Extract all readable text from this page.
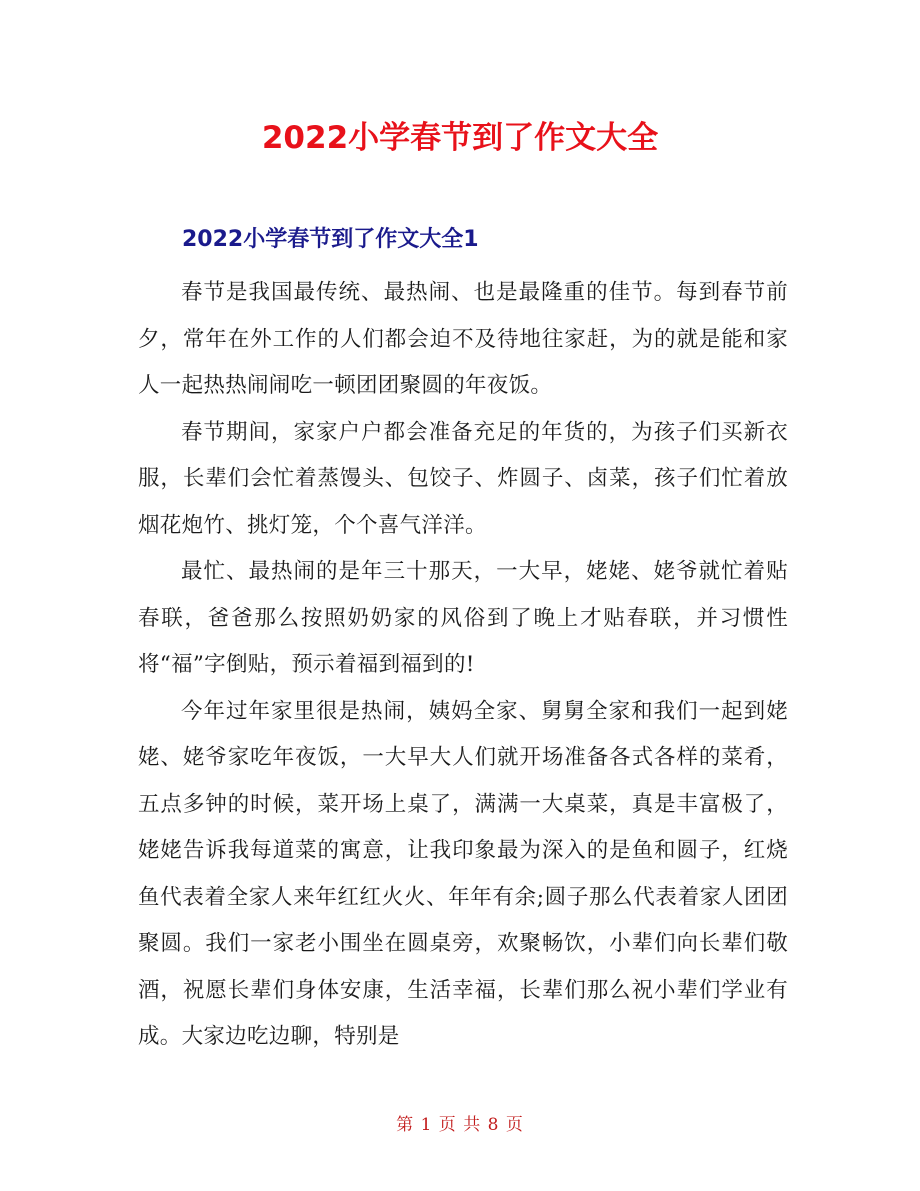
2022小学春节到了作文大全
2022小学春节到了作文大全1

春节是我国最传统、最热闹、也是最隆重的佳节。每到春节前夕，常年在外工作的人们都会迫不及待地往家赶，为的就是能和家人一起热热闹闹吃一顿团团聚圆的年夜饭。

春节期间，家家户户都会准备充足的年货的，为孩子们买新衣服，长辈们会忙着蒸馒头、包饺子、炸圆子、卤菜，孩子们忙着放烟花炮竹、挑灯笼，个个喜气洋洋。

最忙、最热闹的是年三十那天，一大早，姥姥、姥爷就忙着贴春联，爸爸那么按照奶奶家的风俗到了晚上才贴春联，并习惯性将“福”字倒贴，预示着福到福到的!

今年过年家里很是热闹，姨妈全家、舅舅全家和我们一起到姥姥、姥爷家吃年夜饭，一大早大人们就开场准备各式各样的菜肴，五点多钟的时候，菜开场上桌了，满满一大桌菜，真是丰富极了，姥姥告诉我每道菜的寓意，让我印象最为深入的是鱼和圆子，红烧鱼代表着全家人来年红红火火、年年有余;圆子那么代表着家人团团聚圆。我们一家老小围坐在圆桌旁，欢聚畅饮，小辈们向长辈们敬酒，祝愿长辈们身体安康，生活幸福，长辈们那么祝小辈们学业有成。大家边吃边聊，特别是

第 1 页 共 8 页
